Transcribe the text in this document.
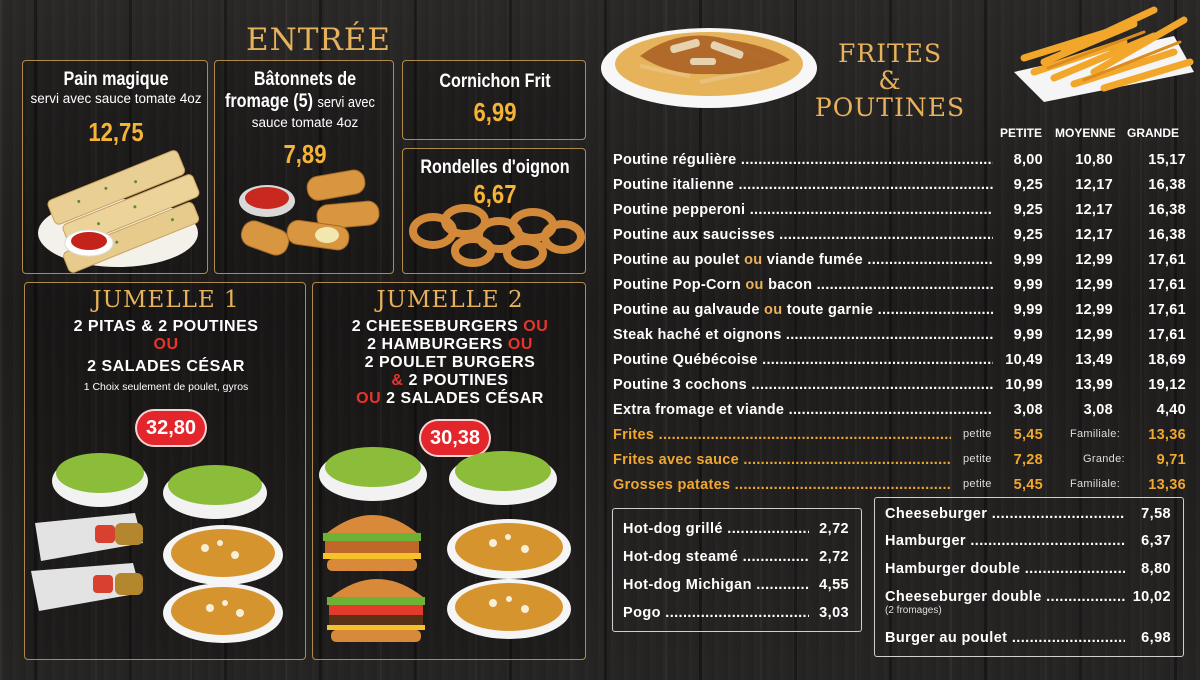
ENTRÉE
Pain magique
servi avec sauce tomate 4oz
12,75
Bâtonnets de
fromage (5) servi avec
sauce tomate 4oz
7,89
Cornichon Frit
6,99
Rondelles d'oignon
6,67
JUMELLE 1
2 PITAS & 2 POUTINES
OU
2 SALADES CÉSAR
1 Choix seulement de poulet, gyros
32,80
JUMELLE 2
2 CHEESEBURGERS OU
2 HAMBURGERS OU
2 POULET BURGERS
& 2 POUTINES
OU 2 SALADES CÉSAR
30,38
FRITES
&
POUTINES
PETITE MOYENNE GRANDE
Poutine régulière .....	8,00	10,80	15,17
Poutine italienne .....	9,25	12,17	16,38
Poutine pepperoni .....	9,25	12,17	16,38
Poutine aux saucisses .....	9,25	12,17	16,38
Poutine au poulet ou viande fumée .....	9,99	12,99	17,61
Poutine Pop-Corn ou bacon .....	9,99	12,99	17,61
Poutine au galvaude ou toute garnie .....	9,99	12,99	17,61
Steak haché et oignons .....	9,99	12,99	17,61
Poutine Québécoise .....	10,49	13,49	18,69
Poutine 3 cochons .....	10,99	13,99	19,12
Extra fromage et viande .....	3,08	3,08	4,40
Frites .....	petite	5,45 Familiale:	13,36
Frites avec sauce .....	petite	7,28	Grande:	9,71
Grosses patates .....	petite	5,45 Familiale:	13,36
Hot-dog grillé .....	2,72
Hot-dog steamé .....	2,72
Hot-dog Michigan .....	4,55
Pogo .....	3,03
Cheeseburger .....	7,58
Hamburger .....	6,37
Hamburger double .....	8,80
Cheeseburger double .....	10,02
(2 fromages)
Burger au poulet .....	6,98
